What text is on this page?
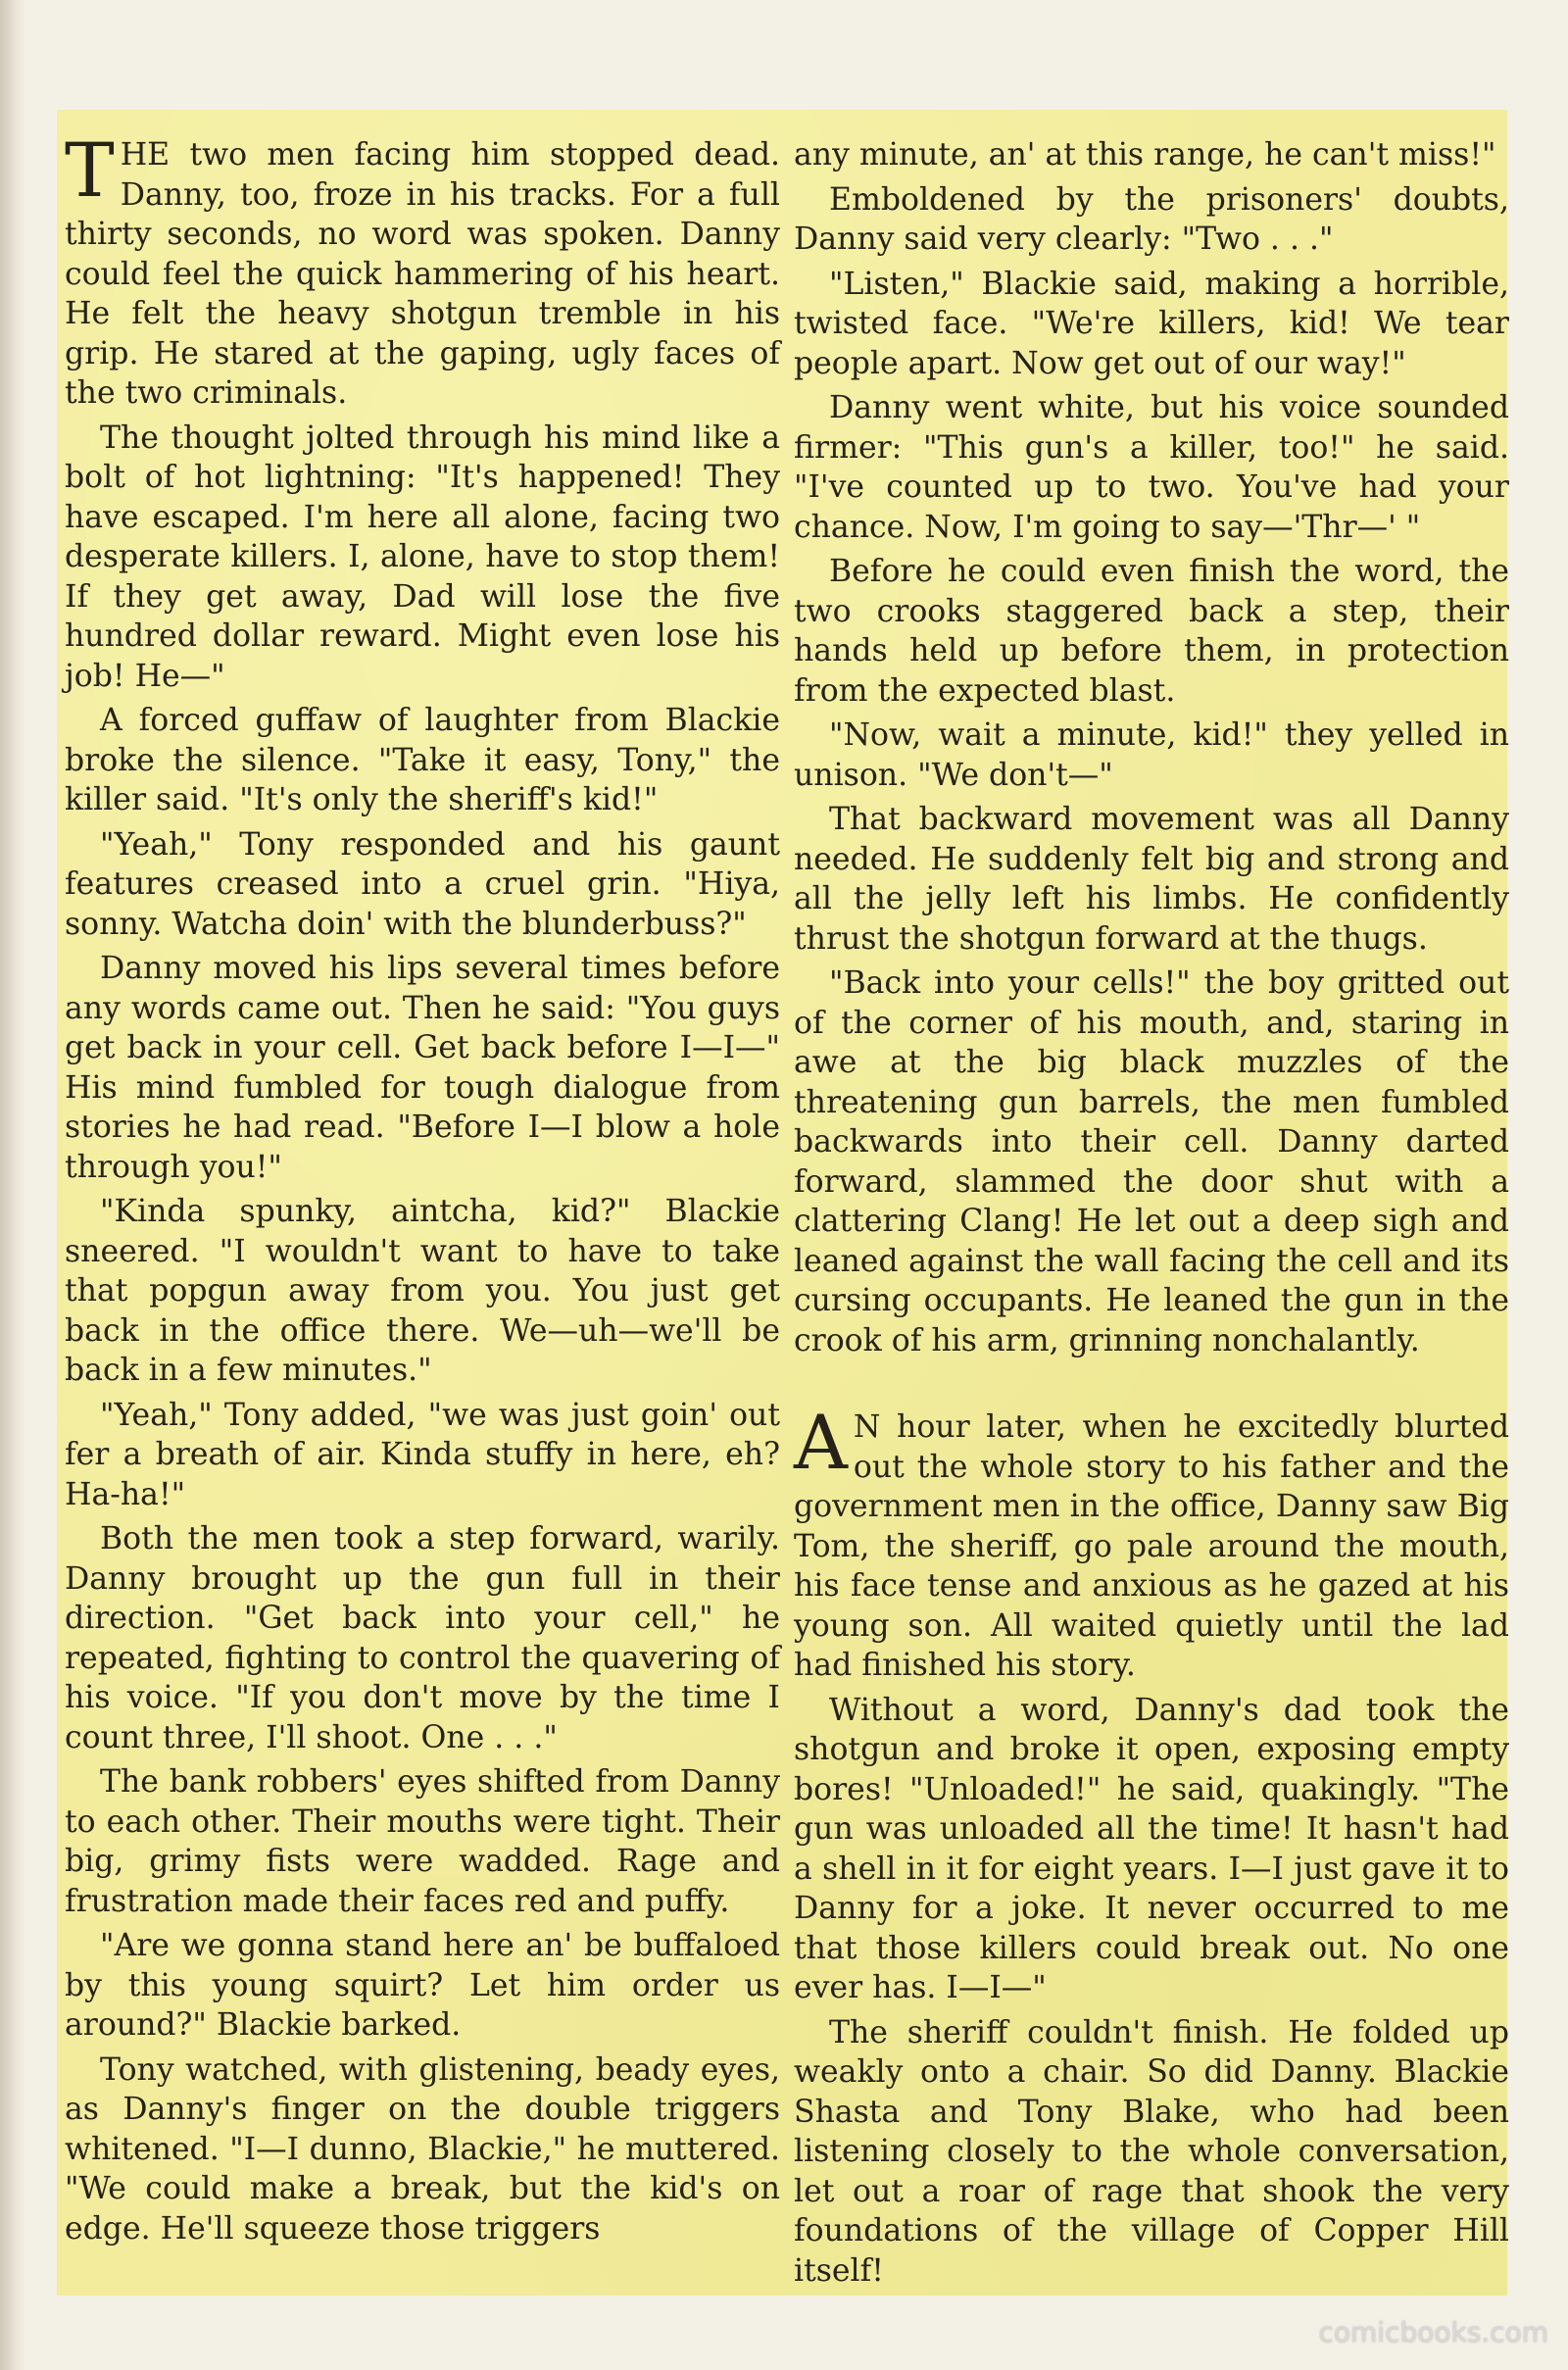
THE two men facing him stopped dead. Danny, too, froze in his tracks. For a full thirty seconds, no word was spoken. Danny could feel the quick hammering of his heart. He felt the heavy shotgun tremble in his grip. He stared at the gaping, ugly faces of the two criminals.

The thought jolted through his mind like a bolt of hot lightning: "It's happened! They have escaped. I'm here all alone, facing two desperate killers. I, alone, have to stop them! If they get away, Dad will lose the five hundred dollar reward. Might even lose his job! He—"

A forced guffaw of laughter from Blackie broke the silence. "Take it easy, Tony," the killer said. "It's only the sheriff's kid!"

"Yeah," Tony responded and his gaunt features creased into a cruel grin. "Hiya, sonny. Watcha doin' with the blunderbuss?"

Danny moved his lips several times before any words came out. Then he said: "You guys get back in your cell. Get back before I—I—" His mind fumbled for tough dialogue from stories he had read. "Before I—I blow a hole through you!"

"Kinda spunky, aintcha, kid?" Blackie sneered. "I wouldn't want to have to take that popgun away from you. You just get back in the office there. We—uh—we'll be back in a few minutes."

"Yeah," Tony added, "we was just goin' out fer a breath of air. Kinda stuffy in here, eh? Ha-ha!"

Both the men took a step forward, warily. Danny brought up the gun full in their direction. "Get back into your cell," he repeated, fighting to control the quavering of his voice. "If you don't move by the time I count three, I'll shoot. One . . ."

The bank robbers' eyes shifted from Danny to each other. Their mouths were tight. Their big, grimy fists were wadded. Rage and frustration made their faces red and puffy.

"Are we gonna stand here an' be buffaloed by this young squirt? Let him order us around?" Blackie barked.

Tony watched, with glistening, beady eyes, as Danny's finger on the double triggers whitened. "I—I dunno, Blackie," he muttered. "We could make a break, but the kid's on edge. He'll squeeze those triggers

any minute, an' at this range, he can't miss!"

Emboldened by the prisoners' doubts, Danny said very clearly: "Two . . ."

"Listen," Blackie said, making a horrible, twisted face. "We're killers, kid! We tear people apart. Now get out of our way!"

Danny went white, but his voice sounded firmer: "This gun's a killer, too!" he said. "I've counted up to two. You've had your chance. Now, I'm going to say—'Thr—' "

Before he could even finish the word, the two crooks staggered back a step, their hands held up before them, in protection from the expected blast.

"Now, wait a minute, kid!" they yelled in unison. "We don't—"

That backward movement was all Danny needed. He suddenly felt big and strong and all the jelly left his limbs. He confidently thrust the shotgun forward at the thugs.

"Back into your cells!" the boy gritted out of the corner of his mouth, and, staring in awe at the big black muzzles of the threatening gun barrels, the men fumbled backwards into their cell. Danny darted forward, slammed the door shut with a clattering Clang! He let out a deep sigh and leaned against the wall facing the cell and its cursing occupants. He leaned the gun in the crook of his arm, grinning nonchalantly.

A N hour later, when he excitedly blurted out the whole story to his father and the government men in the office, Danny saw Big Tom, the sheriff, go pale around the mouth, his face tense and anxious as he gazed at his young son. All waited quietly until the lad had finished his story.

Without a word, Danny's dad took the shotgun and broke it open, exposing empty bores! "Unloaded!" he said, quakingly. "The gun was unloaded all the time! It hasn't had a shell in it for eight years. I—I just gave it to Danny for a joke. It never occurred to me that those killers could break out. No one ever has. I—I—"

The sheriff couldn't finish. He folded up weakly onto a chair. So did Danny. Blackie Shasta and Tony Blake, who had been listening closely to the whole conversation, let out a roar of rage that shook the very foundations of the village of Copper Hill itself!

comicbooks.com
